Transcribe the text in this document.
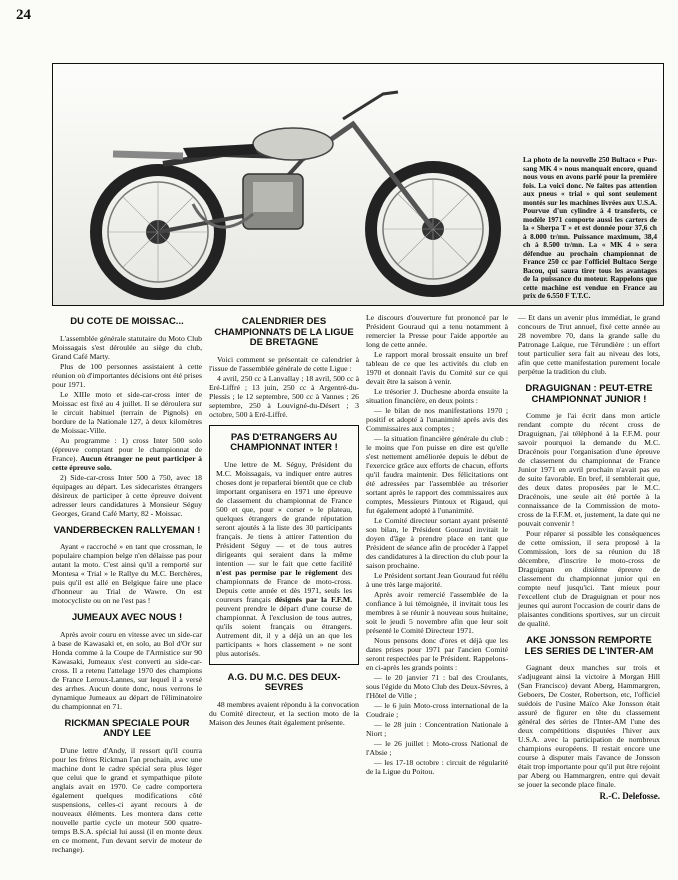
24
La photo de la nouvelle 250 Bultaco « Pur-sang MK 4 » nous manquait encore, quand nous vous en avons parlé pour la première fois. La voici donc. Ne faites pas attention aux pneus « trial » qui sont seulement montés sur les machines livrées aux U.S.A. Pourvue d'un cylindre à 4 transferts, ce modèle 1971 comporte aussi les carters de la « Sherpa T » et est donnée pour 37,6 ch à 8.000 tr/mn. Puissance maximum, 38,4 ch à 8.500 tr/mn. La « MK 4 » sera défendue au prochain championnat de France 250 cc par l'officiel Bultaco Serge Bacou, qui saura tirer tous les avantages de la puissance du moteur. Rappelons que cette machine est vendue en France au prix de 6.550 F T.T.C.
DU COTE DE MOISSAC...

L'assemblée générale statutaire du Moto Club Moissagais s'est déroulée au siège du club, Grand Café Marty.

Plus de 100 personnes assistaient à cette réunion où d'importantes décisions ont été prises pour 1971.

Le XIIIe moto et side-car-cross inter de Moissac est fixé au 4 juillet. Il se déroulera sur le circuit habituel (terrain de Pignols) en bordure de la Nationale 127, à deux kilomètres de Moissac-Ville.

Au programme : 1) cross Inter 500 solo (épreuve comptant pour le championnat de France). Aucun étranger ne peut participer à cette épreuve solo.

2) Side-car-cross Inter 500 à 750, avec 18 équipages au départ. Les sidecaristes étrangers désireux de participer à cette épreuve doivent adresser leurs candidatures à Monsieur Séguy Georges, Grand Café Marty, 82 - Moissac.

VANDERBECKEN RALLYEMAN !

Ayant « raccroché » en tant que crossman, le populaire champion belge n'en délaisse pas pour autant la moto. C'est ainsi qu'il a remporté sur Montesa « Trial » le Rallye du M.C. Berchères, puis qu'il est allé en Belgique faire une place d'honneur au Trial de Wawre. On est motocycliste ou on ne l'est pas !

JUMEAUX AVEC NOUS !

Après avoir couru en vitesse avec un side-car à base de Kawasaki et, en solo, au Bol d'Or sur Honda comme à la Coupe de l'Armistice sur 90 Kawasaki, Jumeaux s'est converti au side-car-cross. Il a retenu l'attelage 1970 des champions de France Leroux-Lannes, sur lequel il a versé des arrhes. Aucun doute donc, nous verrons le dynamique Jumeaux au départ de l'éliminatoire du championnat en 71.

RICKMAN SPECIALE POUR ANDY LEE

D'une lettre d'Andy, il ressort qu'il courra pour les frères Rickman l'an prochain, avec une machine dont le cadre spécial sera plus léger que celui que le grand et sympathique pilote anglais avait en 1970. Ce cadre comportera également quelques modifications côté suspensions, celles-ci ayant recours à de nouveaux éléments. Les montera dans cette nouvelle partie cycle un moteur 500 quatre-temps B.S.A. spécial lui aussi (il en monte deux en ce moment, l'un devant servir de moteur de rechange).

CALENDRIER DES CHAMPIONNATS DE LA LIGUE DE BRETAGNE

Voici comment se présentait ce calendrier à l'issue de l'assemblée générale de cette Ligue :

4 avril, 250 cc à Lanvallay ; 18 avril, 500 cc à Eré-Liffré ; 13 juin, 250 cc à Argentré-du-Plessis ; le 12 septembre, 500 cc à Vannes ; 26 septembre, 250 à Louvigné-du-Désert ; 3 octobre, 500 à Eré-Liffré.

PAS D'ETRANGERS AU CHAMPIONNAT INTER !

Une lettre de M. Séguy, Président du M.C. Moissagais, va indiquer entre autres choses dont je reparlerai bientôt que ce club important organisera en 1971 une épreuve de classement du championnat de France 500 et que, pour « corser » le plateau, quelques étrangers de grande réputation seront ajoutés à la liste des 30 participants français. Je tiens à attirer l'attention du Président Séguy — et de tous autres dirigeants qui seraient dans la même intention — sur le fait que cette facilité n'est pas permise par le règlement des championnats de France de moto-cross. Depuis cette année et dès 1971, seuls les coureurs français désignés par la F.F.M. peuvent prendre le départ d'une course de championnat. À l'exclusion de tous autres, qu'ils soient français ou étrangers. Autrement dit, il y a déjà un an que les participants « hors classement » ne sont plus autorisés.

A.G. DU M.C. DES DEUX-SEVRES

48 membres avaient répondu à la convocation du Comité directeur, et la section moto de la Maison des Jeunes était également présente.

Le discours d'ouverture fut prononcé par le Président Gouraud qui a tenu notamment à remercier la Presse pour l'aide apportée au long de cette année.

Le rapport moral brossait ensuite un bref tableau de ce que les activités du club en 1970 et donnait l'avis du Comité sur ce qui devait être la saison à venir.

Le trésorier J. Duchesne aborda ensuite la situation financière, en deux points :

— le bilan de nos manifestations 1970 ; positif et adopté à l'unanimité après avis des Commissaires aux comptes ;

— la situation financière générale du club : le moins que l'on puisse en dire est qu'elle s'est nettement améliorée depuis le début de l'exercice grâce aux efforts de chacun, efforts qu'il faudra maintenir. Des félicitations ont été adressées par l'assemblée au trésorier sortant après le rapport des commissaires aux comptes, Messieurs Pintoux et Rigaud, qui fut également adopté à l'unanimité.

Le Comité directeur sortant ayant présenté son bilan, le Président Gouraud invitait le doyen d'âge à prendre place en tant que Président de séance afin de procéder à l'appel des candidatures à la direction du club pour la saison prochaine.

Le Président sortant Jean Gouraud fut réélu à une très large majorité.

Après avoir remercié l'assemblée de la confiance à lui témoignée, il invitait tous les membres à se réunir à nouveau sous huitaine, soit le jeudi 5 novembre afin que leur soit présenté le Comité Directeur 1971.

Nous pensons donc d'ores et déjà que les dates prises pour 1971 par l'ancien Comité seront respectées par le Président. Rappelons-en ci-après les grands points :

— le 20 janvier 71 : bal des Croulants, sous l'égide du Moto Club des Deux-Sèvres, à l'Hôtel de Ville ;

— le 6 juin Moto-cross international de la Coudraie ;

— le 28 juin : Concentration Nationale à Niort ;

— le 26 juillet : Moto-cross National de l'Absie ;

— les 17-18 octobre : circuit de régularité de la Ligue du Poitou.

— Et dans un avenir plus immédiat, le grand concours de Trut annuel, fixé cette année au 28 novembre 70, dans la grande salle du Patronage Laïque, rue Térundière : un effort tout particulier sera fait au niveau des lots, afin que cette manifestation purement locale perpétue la tradition du club.

DRAGUIGNAN : PEUT-ETRE CHAMPIONNAT JUNIOR !

Comme je l'ai écrit dans mon article rendant compte du récent cross de Draguignan, j'ai téléphoné à la F.F.M. pour savoir pourquoi la demande du M.C. Dracénois pour l'organisation d'une épreuve de classement du championnat de France Junior 1971 en avril prochain n'avait pas eu de suite favorable. En bref, il semblerait que, des deux dates proposées par le M.C. Dracénois, une seule ait été portée à la connaissance de la Commission de moto-cross de la F.F.M. et, justement, la date qui ne pouvait convenir !

Pour réparer si possible les conséquences de cette omission, il sera proposé à la Commission, lors de sa réunion du 18 décembre, d'inscrire le moto-cross de Draguignan en dixième épreuve de classement du championnat junior qui en compte neuf jusqu'ici. Tant mieux pour l'excellent club de Draguignan et pour nos jeunes qui auront l'occasion de courir dans de plaisantes conditions sportives, sur un circuit de qualité.

AKE JONSSON REMPORTE LES SERIES DE L'INTER-AM

Gagnant deux manches sur trois et s'adjugeant ainsi la victoire à Morgan Hill (San Francisco) devant Aberg, Hammargren, Geboers, De Coster, Robertson, etc, l'officiel suédois de l'usine Maïco Ake Jonsson était assuré de figurer en tête du classement général des séries de l'Inter-AM l'une des deux compétitions disputées l'hiver aux U.S.A. avec la participation de nombreux champions européens. Il restait encore une course à disputer mais l'avance de Jonsson était trop importante pour qu'il put être rejoint par Aberg ou Hammargren, entre qui devait se jouer la seconde place finale.

R.-C. Delefosse.
